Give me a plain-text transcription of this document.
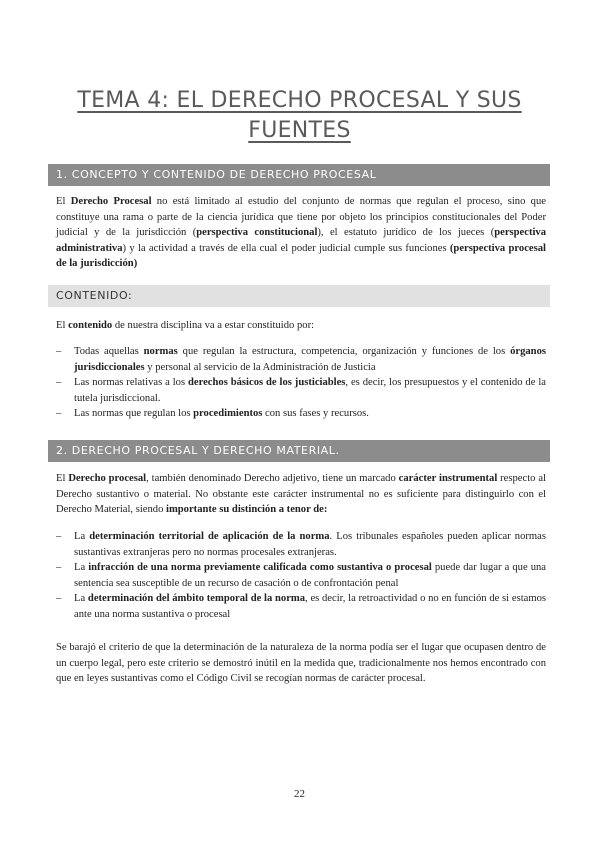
TEMA 4: EL DERECHO PROCESAL Y SUS FUENTES
1. CONCEPTO Y CONTENIDO DE DERECHO PROCESAL

El Derecho Procesal no está limitado al estudio del conjunto de normas que regulan el proceso, sino que constituye una rama o parte de la ciencia jurídica que tiene por objeto los principios constitucionales del Poder judicial y de la jurisdicción (perspectiva constitucional), el estatuto jurídico de los jueces (perspectiva administrativa) y la actividad a través de ella cual el poder judicial cumple sus funciones (perspectiva procesal de la jurisdicción)

CONTENIDO:

El contenido de nuestra disciplina va a estar constituido por:

– Todas aquellas normas que regulan la estructura, competencia, organización y funciones de los órganos jurisdiccionales y personal al servicio de la Administración de Justicia
– Las normas relativas a los derechos básicos de los justiciables, es decir, los presupuestos y el contenido de la tutela jurisdiccional.
– Las normas que regulan los procedimientos con sus fases y recursos.
2. DERECHO PROCESAL Y DERECHO MATERIAL.

El Derecho procesal, también denominado Derecho adjetivo, tiene un marcado carácter instrumental respecto al Derecho sustantivo o material. No obstante este carácter instrumental no es suficiente para distinguirlo con el Derecho Material, siendo importante su distinción a tenor de:

– La determinación territorial de aplicación de la norma. Los tribunales españoles pueden aplicar normas sustantivas extranjeras pero no normas procesales extranjeras.
– La infracción de una norma previamente calificada como sustantiva o procesal puede dar lugar a que una sentencia sea susceptible de un recurso de casación o de confrontación penal
– La determinación del ámbito temporal de la norma, es decir, la retroactividad o no en función de si estamos ante una norma sustantiva o procesal

Se barajó el criterio de que la determinación de la naturaleza de la norma podía ser el lugar que ocupasen dentro de un cuerpo legal, pero este criterio se demostró inútil en la medida que, tradicionalmente nos hemos encontrado con que en leyes sustantivas como el Código Civil se recogían normas de carácter procesal.

22
